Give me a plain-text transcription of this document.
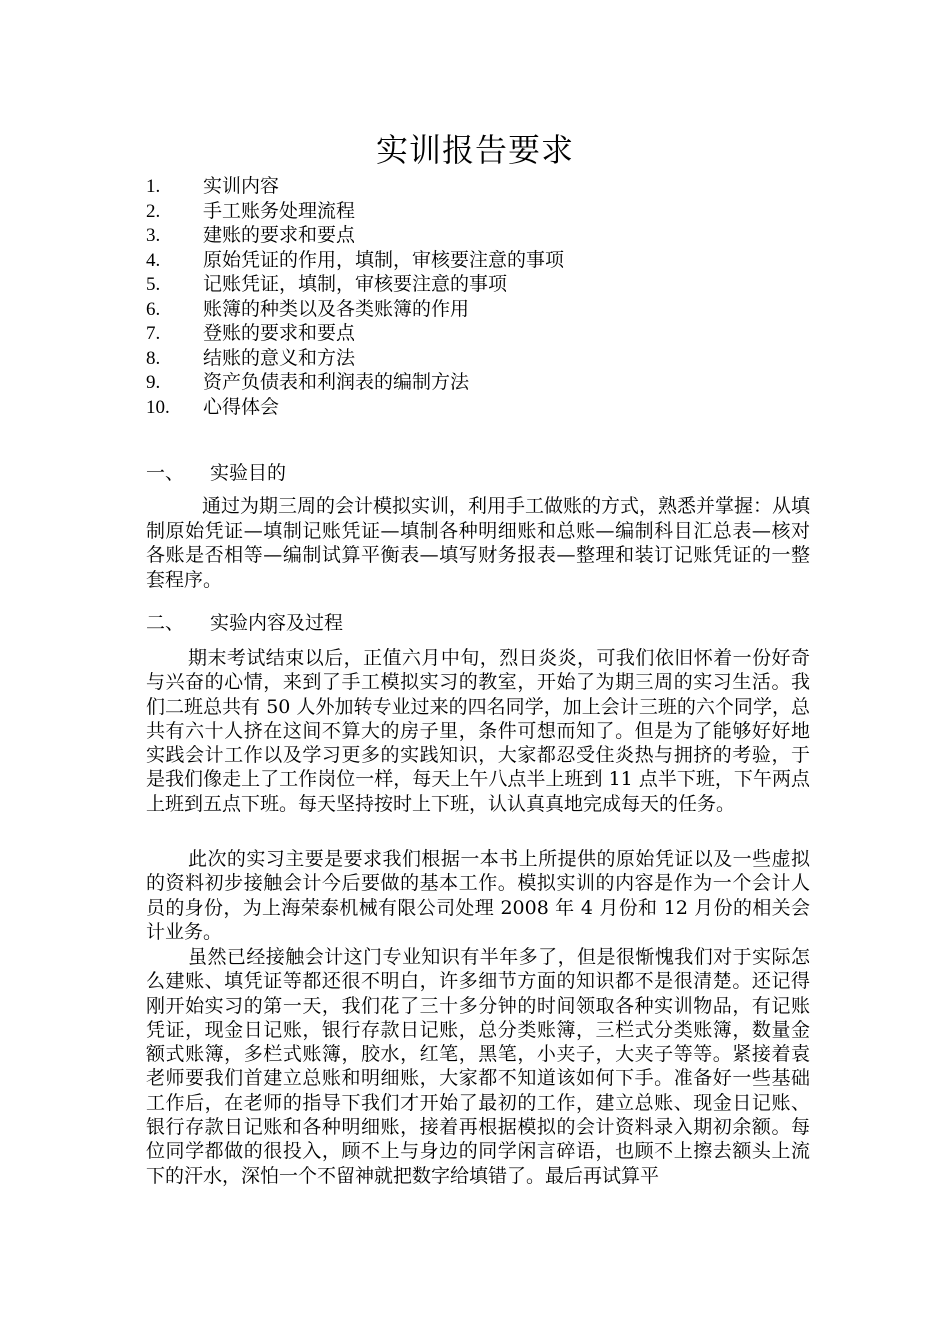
实训报告要求
1. 实训内容
2. 手工账务处理流程
3. 建账的要求和要点
4. 原始凭证的作用，填制，审核要注意的事项
5. 记账凭证，填制，审核要注意的事项
6. 账簿的种类以及各类账簿的作用
7. 登账的要求和要点
8. 结账的意义和方法
9. 资产负债表和利润表的编制方法
10. 心得体会
一、 实验目的

通过为期三周的会计模拟实训，利用手工做账的方式，熟悉并掌握：从填制原始凭证—填制记账凭证—填制各种明细账和总账—编制科目汇总表—核对各账是否相等—编制试算平衡表—填写财务报表—整理和装订记账凭证的一整套程序。

二、 实验内容及过程

期末考试结束以后，正值六月中旬，烈日炎炎，可我们依旧怀着一份好奇与兴奋的心情，来到了手工模拟实习的教室，开始了为期三周的实习生活。我们二班总共有 50 人外加转专业过来的四名同学，加上会计三班的六个同学，总共有六十人挤在这间不算大的房子里，条件可想而知了。但是为了能够好好地实践会计工作以及学习更多的实践知识，大家都忍受住炎热与拥挤的考验，于是我们像走上了工作岗位一样，每天上午八点半上班到 11 点半下班，下午两点上班到五点下班。每天坚持按时上下班，认认真真地完成每天的任务。

此次的实习主要是要求我们根据一本书上所提供的原始凭证以及一些虚拟的资料初步接触会计今后要做的基本工作。模拟实训的内容是作为一个会计人员的身份，为上海荣泰机械有限公司处理 2008 年 4 月份和 12 月份的相关会计业务。

虽然已经接触会计这门专业知识有半年多了，但是很惭愧我们对于实际怎么建账、填凭证等都还很不明白，许多细节方面的知识都不是很清楚。还记得刚开始实习的第一天，我们花了三十多分钟的时间领取各种实训物品，有记账凭证，现金日记账，银行存款日记账，总分类账簿，三栏式分类账簿，数量金额式账簿，多栏式账簿，胶水，红笔，黑笔，小夹子，大夹子等等。紧接着袁老师要我们首建立总账和明细账，大家都不知道该如何下手。准备好一些基础工作后，在老师的指导下我们才开始了最初的工作，建立总账、现金日记账、银行存款日记账和各种明细账，接着再根据模拟的会计资料录入期初余额。每位同学都做的很投入，顾不上与身边的同学闲言碎语，也顾不上擦去额头上流下的汗水，深怕一个不留神就把数字给填错了。最后再试算平
